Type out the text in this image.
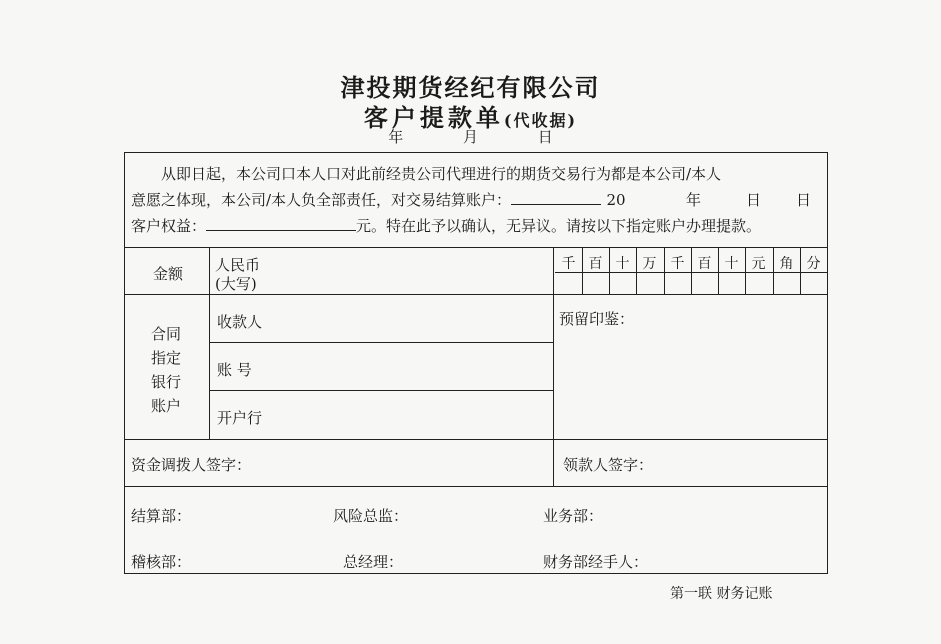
津投期货经纪有限公司
客户提款单(代收据)
年	月	日
从即日起，本公司口本人口对此前经贵公司代理进行的期货交易行为都是本公司/本人
意愿之体现，本公司/本人负全部责任，对交易结算账户：	20	年	日 日
客户权益：	元。特在此予以确认，无异议。请按以下指定账户办理提款。
金额 人民币
(大写)
千 百 十 万	千 百 十 元	角 分
合同
指定
银行
账户
收款人
账 号
开户行
预留印鉴：
资金调拨人签字：	领款人签字：
结算部：	风险总监：	业务部：
稽核部：	总经理：	财务部经手人：
第一联 财务记账
